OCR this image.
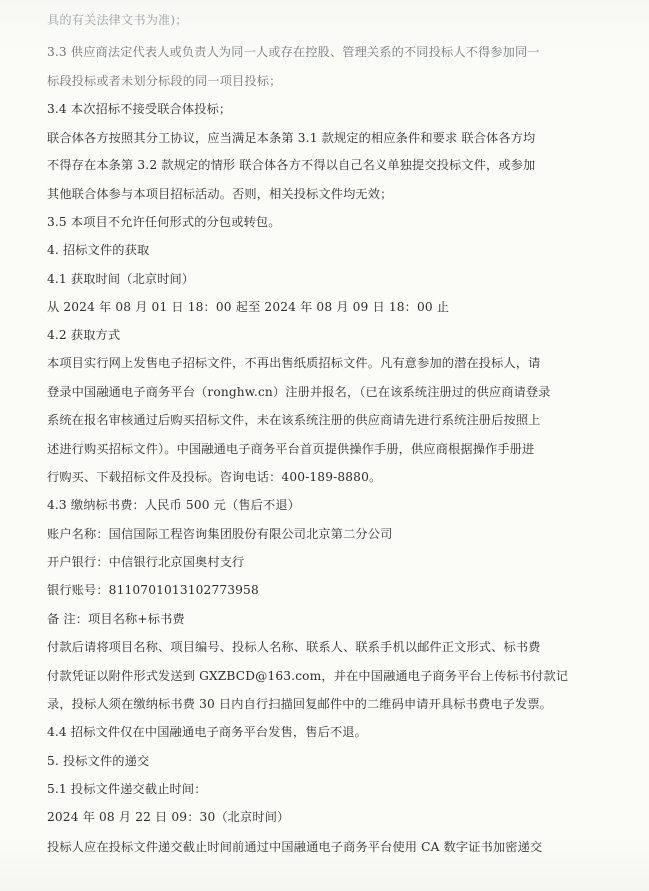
具的有关法律文书为准)；
3.3 供应商法定代表人或负责人为同一人或存在控股、管理关系的不同投标人不得参加同一
标段投标或者未划分标段的同一项目投标；
3.4 本次招标不接受联合体投标；
联合体各方按照其分工协议，应当满足本条第 3.1 款规定的相应条件和要求 联合体各方均
不得存在本条第 3.2 款规定的情形 联合体各方不得以自己名义单独提交投标文件，或参加
其他联合体参与本项目招标活动。否则，相关投标文件均无效；
3.5 本项目不允许任何形式的分包或转包。
4. 招标文件的获取
4.1 获取时间（北京时间）
从 2024 年 08 月 01 日 18：00 起至 2024 年 08 月 09 日 18：00 止
4.2 获取方式
本项目实行网上发售电子招标文件，不再出售纸质招标文件。凡有意参加的潜在投标人，请
登录中国融通电子商务平台（ronghw.cn）注册并报名，（已在该系统注册过的供应商请登录
系统在报名审核通过后购买招标文件，未在该系统注册的供应商请先进行系统注册后按照上
述进行购买招标文件）。中国融通电子商务平台首页提供操作手册，供应商根据操作手册进
行购买、下载招标文件及投标。咨询电话：400-189-8880。
4.3 缴纳标书费：人民币 500 元（售后不退）
账户名称：国信国际工程咨询集团股份有限公司北京第二分公司
开户银行：中信银行北京国奥村支行
银行账号：8110701013102773958
备 注：项目名称+标书费
付款后请将项目名称、项目编号、投标人名称、联系人、联系手机以邮件正文形式、标书费
付款凭证以附件形式发送到 GXZBCD@163.com，并在中国融通电子商务平台上传标书付款记
录，投标人须在缴纳标书费 30 日内自行扫描回复邮件中的二维码申请开具标书费电子发票。
4.4 招标文件仅在中国融通电子商务平台发售，售后不退。
5. 投标文件的递交
5.1 投标文件递交截止时间：
2024 年 08 月 22 日 09：30（北京时间）
投标人应在投标文件递交截止时间前通过中国融通电子商务平台使用 CA 数字证书加密递交
